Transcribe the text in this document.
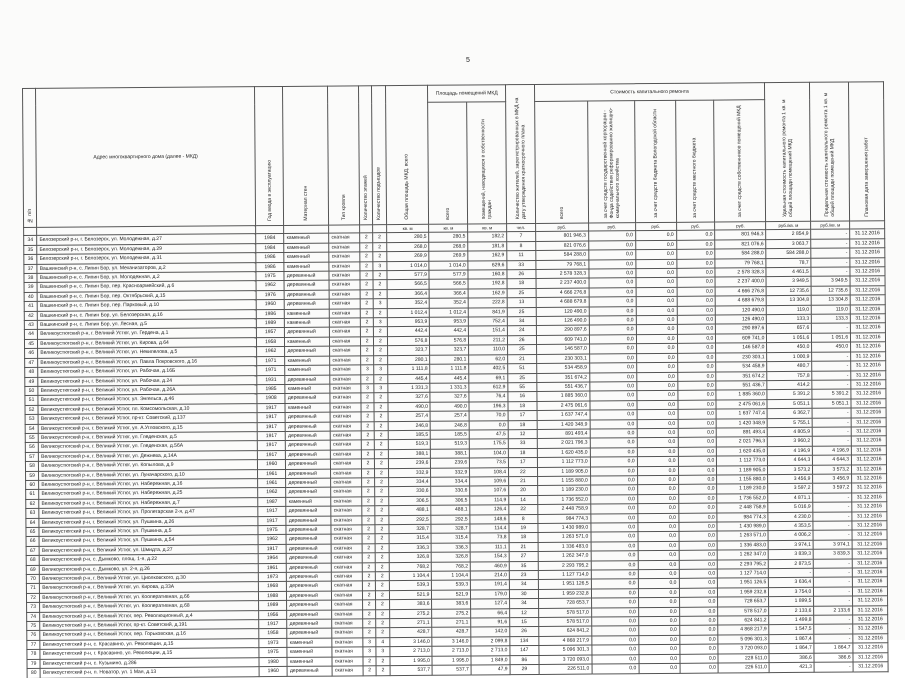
5
№ п/п	Адрес многоквартирного дома (далее - МКД)	Год ввода в эксплуатацию	Материал стен	Тип кровли	Количество этажей	Количество подъездов	Общая площадь МКД, всего	Площадь помещений МКД		Количество жителей, зарегистрированных в МКД на дату утверждения краткосрочного плана	Стоимость капитального ремонта					Удельная стоимость капитального ремонта 1 кв. м общей площади помещений МКД	Предельная стоимость капитального ремонта 1 кв. м общей площади помещений МКД	Плановая дата завершения работ
								всего	помещений, находящихся в собственности граждан		всего	за счет средств государственной корпорации - Фонда содействия реформированию жилищно-коммунального хозяйства	за счет средств бюджета Вологодской области	за счет средств местного бюджета	за счет средств собственников помещений МКД			
							кв. м	кв. м	кв. м	чел.	руб.	руб.	руб.	руб.	руб.	руб./кв. м	руб./кв. м	
34	Белозерский р-н, г. Белозерск, ул. Молодежная, д.27	1984	каменный	скатная	2	2	280,5	280,5	182,2	7	801 946,3	0,0	0,0	0,0	801 946,3	2 854,9	-	31.12.2016
35	Белозерский р-н, г. Белозерск, ул. Молодежная, д.29	1984	каменный	скатная	2	2	268,0	268,0	181,8	8	821 076,6	0,0	0,0	0,0	821 076,6	3 063,7	-	31.12.2016
36	Белозерский р-н, г. Белозерск, ул. Молодежная, д.31	1986	каменный	скатная	2	2	269,9	269,9	162,9	11	584 288,0	0,0	0,0	0,0	584 288,0	584 288,0	-	31.12.2016
37	Вашкинский р-н, с. Липин Бор, ул. Механизаторов, д.2	1986	каменный	скатная	2	3	1 014,0	1 014,0	629,6	33	79 768,1	0,0	0,0	0,0	79 768,1	78,7	-	31.12.2016
38	Вашкинский р-н, с. Липин Бор, ул. Молодежная, д.2	1975	деревянный	скатная	2	2	577,9	577,9	160,8	26	2 578 328,3	0,0	0,0	0,0	2 578 328,3	4 461,5	-	31.12.2016
39	Вашкинский р-н, с. Липин Бор, пер. Красноармейский, д.6	1962	деревянный	скатная	2	2	566,5	566,5	192,8	18	2 237 400,0	0,0	0,0	0,0	2 237 400,0	3 949,5	3 949,5	31.12.2016
40	Вашкинский р-н, с. Липин Бор, пер. Октябрьский, д.15	1976	деревянный	скатная	2	2	366,4	366,4	162,9	25	4 666 276,8	0,0	0,0	0,0	4 666 276,8	12 735,6	12 735,6	31.12.2016
41	Вашкинский р-н, с. Липин Бор, пер. Парковый, д.10	1960	деревянный	скатная	2	3	352,4	352,4	222,8	13	4 688 679,8	0,0	0,0	0,0	4 688 679,8	13 304,8	13 304,8	31.12.2016
42	Вашкинский р-н, с. Липин Бор, ул. Белозерская, д.16	1986	каменный	скатная	2	2	1 012,4	1 012,4	841,9	25	120 490,0	0,0	0,0	0,0	120 490,0	119,0	119,0	31.12.2016
43	Вашкинский р-н, с. Липин Бор, ул. Лесная, д.5	1989	каменный	скатная	2	3	953,9	953,9	752,4	34	126 490,0	0,0	0,0	0,0	126 490,0	133,3	133,3	31.12.2016
44	Великоустюгский р-н, г. Великий Устюг, ул. Гердена, д.1	1957	деревянный	скатная	2	2	442,4	442,4	151,4	24	290 897,6	0,0	0,0	0,0	290 897,6	657,6	-	31.12.2016
45	Великоустюгский р-н, г. Великий Устюг, ул. Кирова, д.64	1958	каменный	скатная	2	2	576,8	576,8	211,2	26	609 741,0	0,0	0,0	0,0	609 741,0	1 051,6	1 051,6	31.12.2016
46	Великоустюгский р-н, г. Великий Устюг, ул. Некипелова, д.5	1962	деревянный	скатная	2	2	323,7	323,7	110,0	25	146 587,0	0,0	0,0	0,0	146 587,0	450,0	450,0	31.12.2016
47	Великоустюгский р-н, г. Великий Устюг, ул. Павла Покровского, д.16	1971	каменный	скатная	2	2	280,1	280,1	62,0	21	230 303,1	0,0	0,0	0,0	230 303,1	1 000,9	-	31.12.2016
48	Великоустюгский р-н, г. Великий Устюг, ул. Рабочая, д.16Б	1971	каменный	скатная	3	3	1 111,8	1 111,8	402,5	51	534 458,9	0,0	0,0	0,0	534 458,9	480,7	-	31.12.2016
49	Великоустюгский р-н, г. Великий Устюг, ул. Рабочая, д.24	1931	деревянный	скатная	2	2	445,4	445,4	69,1	25	351 674,2	0,0	0,0	0,0	351 674,2	757,8	-	31.12.2016
50	Великоустюгский р-н, г. Великий Устюг, ул. Рабочая, д.26А	1985	каменный	скатная	3	3	1 331,3	1 331,3	612,9	55	551 436,7	0,0	0,0	0,0	551 436,7	414,2	-	31.12.2016
51	Великоустюгский р-н, г. Великий Устюг, ул. Энгельса, д.46	1908	деревянный	скатная	2	2	327,6	327,6	76,4	16	1 885 360,0	0,0	0,0	0,0	1 885 360,0	5 391,2	5 391,2	31.12.2016
52	Великоустюгский р-н, г. Великий Устюг, пл. Комсомольская, д.10	1917	каменный	скатная	2	2	490,0	490,0	196,3	18	2 475 061,6	0,0	0,0	0,0	2 475 061,6	5 051,1	5 051,1	31.12.2016
53	Великоустюгский р-н, г. Великий Устюг, пр-кт. Советский, д.137	1917	деревянный	скатная	2	2	257,4	257,4	70,0	17	1 637 747,4	0,0	0,0	0,0	1 637 747,4	6 362,7	-	31.12.2016
54	Великоустюгский р-н, г. Великий Устюг, ул. А.Угловского, д.15	1917	деревянный	скатная	2	2	246,8	246,8	0,0	18	1 420 348,9	0,0	0,0	0,0	1 420 348,9	5 755,1	-	31.12.2016
55	Великоустюгский р-н, г. Великий Устюг, ул. Гледенская, д.5	1917	деревянный	скатная	2	2	185,5	185,5	47,5	12	891 493,4	0,0	0,0	0,0	891 493,4	4 805,9	-	31.12.2016
56	Великоустюгский р-н, г. Великий Устюг, ул. Гледенская, д.56А	1917	деревянный	скатная	2	2	519,3	519,3	175,5	33	2 021 796,3	0,0	0,0	0,0	2 021 796,3	3 960,2	-	31.12.2016
57	Великоустюгский р-н, г. Великий Устюг, ул. Дежнева, д.14А	1917	деревянный	скатная	2	2	388,1	388,1	104,0	18	1 620 435,0	0,0	0,0	0,0	1 620 435,0	4 196,9	4 196,9	31.12.2016
58	Великоустюгский р-н, г. Великий Устюг, ул. Копылова, д.9	1960	деревянный	скатная	2	2	239,6	239,6	73,5	17	1 112 773,0	0,0	0,0	0,0	1 112 773,0	4 644,3	4 644,3	31.12.2016
59	Великоустюгский р-н, г. Великий Устюг, ул. Луначарского, д.10	1961	деревянный	скатная	2	2	332,9	332,9	108,4	22	1 189 905,0	0,0	0,0	0,0	1 189 905,0	3 573,2	3 573,2	31.12.2016
60	Великоустюгский р-н, г. Великий Устюг, ул. Набережная, д.16	1961	деревянный	скатная	2	2	334,4	334,4	109,6	21	1 155 880,0	0,0	0,0	0,0	1 155 880,0	3 456,9	3 456,9	31.12.2016
61	Великоустюгский р-н, г. Великий Устюг, ул. Набережная, д.25	1962	деревянный	скатная	2	2	330,6	330,6	107,6	20	1 189 230,0	0,0	0,0	0,0	1 189 230,0	3 597,2	3 597,2	31.12.2016
62	Великоустюгский р-н, г. Великий Устюг, ул. Набережная, д.7	1987	каменный	скатная	2	2	306,5	306,5	114,9	14	1 736 552,0	0,0	0,0	0,0	1 736 552,0	4 871,1	-	31.12.2016
63	Великоустюгский р-н, г. Великий Устюг, ул. Пролетарская 2-я, д.47	1917	деревянный	скатная	2	2	488,1	488,1	126,4	22	2 448 758,9	0,0	0,0	0,0	2 448 758,9	5 016,9	-	31.12.2016
64	Великоустюгский р-н, г. Великий Устюг, ул. Пушкина, д.26	1917	деревянный	скатная	2	2	292,5	292,5	148,6	8	984 774,3	0,0	0,0	0,0	984 774,3	4 230,0	-	31.12.2016
65	Великоустюгский р-н, г. Великий Устюг, ул. Пушкина, д.5	1975	деревянный	скатная	2	2	328,7	328,7	114,4	19	1 430 989,0	0,0	0,0	0,0	1 430 989,0	4 353,5	-	31.12.2016
66	Великоустюгский р-н, г. Великий Устюг, ул. Пушкина, д.54	1962	деревянный	скатная	2	2	315,4	315,4	73,8	18	1 263 571,0	0,0	0,0	0,0	1 263 571,0	4 006,2	-	31.12.2016
67	Великоустюгский р-н, г. Великий Устюг, ул. Шмидта, д.27	1917	деревянный	скатная	2	2	336,3	336,3	111,1	21	1 336 483,0	0,0	0,0	0,0	1 336 483,0	3 974,1	3 974,1	31.12.2016
68	Великоустюгский р-н, с. Дымково, площ. 1-я, д.22	1964	деревянный	скатная	2	2	326,8	326,8	154,3	27	1 262 347,0	0,0	0,0	0,0	1 262 347,0	3 839,3	3 839,3	31.12.2016
69	Великоустюгский р-н, с. Дымково, ул. 2-я, д.26	1961	деревянный	скатная	2	2	768,2	768,2	460,9	35	2 293 795,2	0,0	0,0	0,0	2 293 795,2	2 873,5	-	31.12.2016
70	Великоустюгский р-н, г. Великий Устюг, ул. Циолковского, д.30	1973	деревянный	скатная	2	2	1 104,4	1 104,4	214,0	23	1 127 714,0	0,0	0,0	0,0	1 127 714,0	-	-	31.12.2016
71	Великоустюгский р-н, г. Великий Устюг, ул. Кирова, д.33А	1968	деревянный	скатная	2	2	539,3	539,3	191,4	34	1 951 126,5	0,0	0,0	0,0	1 951 126,5	3 636,4	-	31.12.2016
72	Великоустюгский р-н, г. Великий Устюг, ул. Кооперативная, д.66	1988	деревянный	скатная	2	2	521,9	521,9	179,0	30	1 959 232,8	0,0	0,0	0,0	1 959 232,8	3 754,0	-	31.12.2016
73	Великоустюгский р-н, г. Великий Устюг, ул. Кооперативная, д.68	1989	деревянный	скатная	2	2	383,6	383,6	127,4	34	728 653,7	0,0	0,0	0,0	728 653,7	1 899,5	-	31.12.2016
74	Великоустюгский р-н, г. Великий Устюг, пер. Революционный, д.4	1956	деревянный	скатная	2	2	275,2	275,2	66,4	12	578 517,0	0,0	0,0	0,0	578 517,0	2 133,6	2 133,6	31.12.2016
75	Великоустюгский р-н, г. Великий Устюг, пр-кт. Советский, д.191	1917	деревянный	скатная	2	2	271,1	271,1	91,6	15	578 517,0	0,0	0,0	0,0	624 841,2	1 499,8	-	31.12.2016
76	Великоустюгский р-н, г. Великий Устюг, пер. Горьковская, д.16	1958	деревянный	скатная	2	2	428,7	428,7	142,0	26	624 841,2	0,0	0,0	0,0	4 868 217,9	1 547,5	-	31.12.2016
77	Великоустюгский р-н, с. Красавино, ул. Революции, д.15	1973	каменный	скатная	3	4	3 146,0	3 146,0	2 099,8	134	4 868 217,9	0,0	0,0	0,0	5 096 301,3	1 867,4	-	31.12.2016
78	Великоустюгский р-н, г. Красавино, ул. Революции, д.15	1975	каменный	скатная	3	3	2 713,0	2 713,0	2 713,0	147	5 096 301,3	0,0	0,0	0,0	3 720 093,0	1 864,7	1 864,7	31.12.2016
79	Великоустюгский р-н, с. Кузьмино, д.286	1980	каменный	скатная	2	2	1 995,0	1 995,0	1 849,0	86	3 720 093,0	0,0	0,0	0,0	228 511,0	386,6	386,6	31.12.2016
80	Великоустюгский р-н, п. Новатор, ул. 1 Мая, д.13	1960	деревянный	скатная	2	2	537,7	537,7	47,9	29	226 511,0	0,0	0,0	0,0	226 511,0	421,3	-	31.12.2016
